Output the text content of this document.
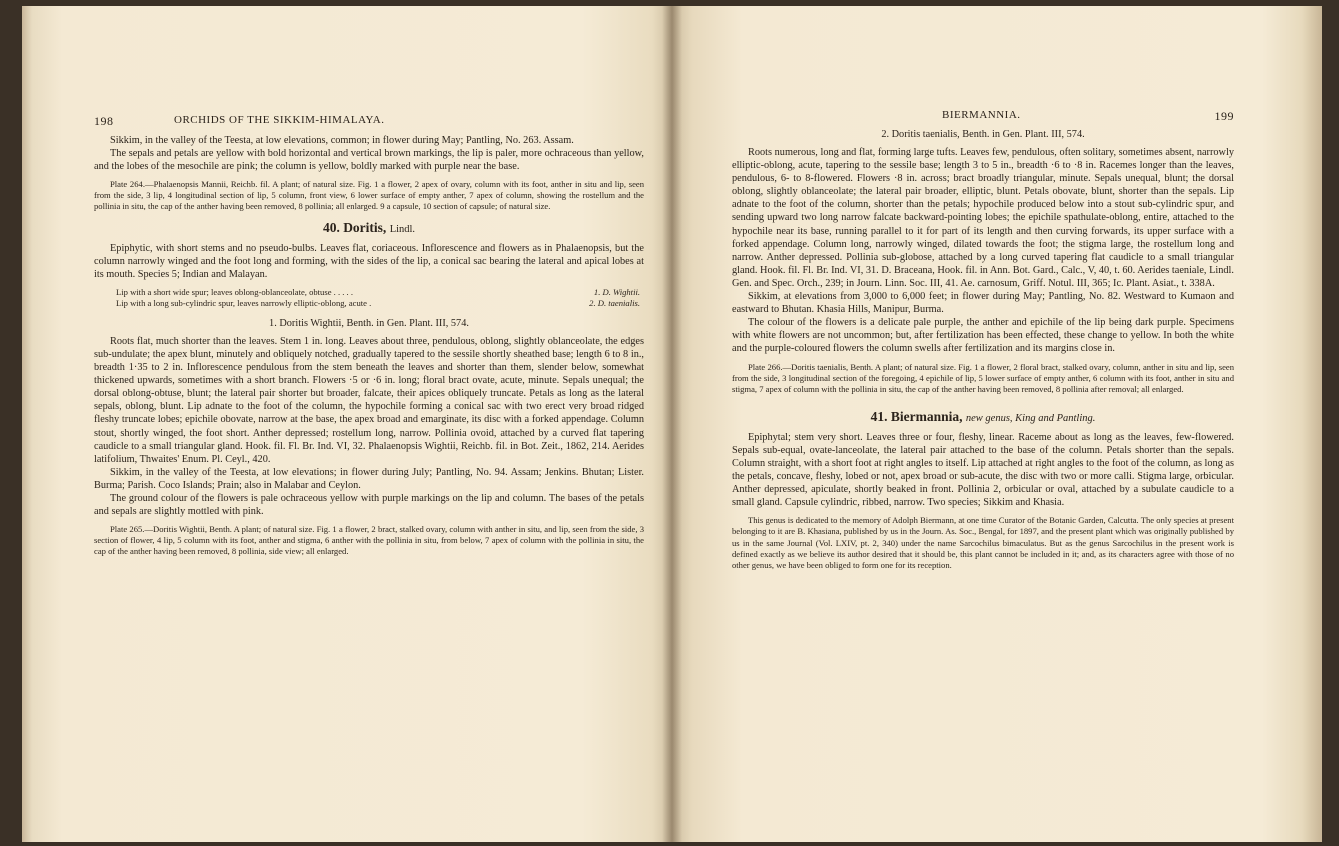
198	ORCHIDS OF THE SIKKIM-HIMALAYA.

Sikkim, in the valley of the Teesta, at low elevations, common; in flower during May; Pantling, No. 263. Assam.

The sepals and petals are yellow with bold horizontal and vertical brown markings, the lip is paler, more ochraceous than yellow, and the lobes of the mesochile are pink; the column is yellow, boldly marked with purple near the base.

Plate 264.—Phalaenopsis Mannii, Reichb. fil. A plant; of natural size. Fig. 1 a flower, 2 apex of ovary, column with its foot, anther in situ and lip, seen from the side, 3 lip, 4 longitudinal section of lip, 5 column, front view, 6 lower surface of empty anther, 7 apex of column, showing the rostellum and the pollinia in situ, the cap of the anther having been removed, 8 pollinia; all enlarged. 9 a capsule, 10 section of capsule; of natural size.

40. Doritis, Lindl.

Epiphytic, with short stems and no pseudo-bulbs. Leaves flat, coriaceous. Inflorescence and flowers as in Phalaenopsis, but the column narrowly winged and the foot long and forming, with the sides of the lip, a conical sac bearing the lateral and apical lobes at its mouth. Species 5; Indian and Malayan.

Lip with a short wide spur; leaves oblong-oblanceolate, obtuse . . . . .	1. D. Wightii.

Lip with a long sub-cylindric spur, leaves narrowly elliptic-oblong, acute .	2. D. taenialis.

1. Doritis Wightii, Benth. in Gen. Plant. III, 574.

Roots flat, much shorter than the leaves. Stem 1 in. long. Leaves about three, pendulous, oblong, slightly oblanceolate, the edges sub-undulate; the apex blunt, minutely and obliquely notched, gradually tapered to the sessile shortly sheathed base; length 6 to 8 in., breadth 1·35 to 2 in. Inflorescence pendulous from the stem beneath the leaves and shorter than them, slender below, somewhat thickened upwards, sometimes with a short branch. Flowers ·5 or ·6 in. long; floral bract ovate, acute, minute. Sepals unequal; the dorsal oblong-obtuse, blunt; the lateral pair shorter but broader, falcate, their apices obliquely truncate. Petals as long as the lateral sepals, oblong, blunt. Lip adnate to the foot of the column, the hypochile forming a conical sac with two erect very broad ridged fleshy truncate lobes; epichile obovate, narrow at the base, the apex broad and emarginate, its disc with a forked appendage. Column stout, shortly winged, the foot short. Anther depressed; rostellum long, narrow. Pollinia ovoid, attached by a curved flat tapering caudicle to a small triangular gland. Hook. fil. Fl. Br. Ind. VI, 32. Phalaenopsis Wightii, Reichb. fil. in Bot. Zeit., 1862, 214. Aerides latifolium, Thwaites' Enum. Pl. Ceyl., 420.

Sikkim, in the valley of the Teesta, at low elevations; in flower during July; Pantling, No. 94. Assam; Jenkins. Bhutan; Lister. Burma; Parish. Coco Islands; Prain; also in Malabar and Ceylon.

The ground colour of the flowers is pale ochraceous yellow with purple markings on the lip and column. The bases of the petals and sepals are slightly mottled with pink.

Plate 265.—Doritis Wightii, Benth. A plant; of natural size. Fig. 1 a flower, 2 bract, stalked ovary, column with anther in situ, and lip, seen from the side, 3 section of flower, 4 lip, 5 column with its foot, anther and stigma, 6 anther with the pollinia in situ, from below, 7 apex of column with the pollinia in situ, the cap of the anther having been removed, 8 pollinia, side view; all enlarged.

BIERMANNIA.	199
2. Doritis taenialis, Benth. in Gen. Plant. III, 574.

Roots numerous, long and flat, forming large tufts. Leaves few, pendulous, often solitary, sometimes absent, narrowly elliptic-oblong, acute, tapering to the sessile base; length 3 to 5 in., breadth ·6 to ·8 in. Racemes longer than the leaves, pendulous, 6- to 8-flowered. Flowers ·8 in. across; bract broadly triangular, minute. Sepals unequal, blunt; the dorsal oblong, slightly oblanceolate; the lateral pair broader, elliptic, blunt. Petals obovate, blunt, shorter than the sepals. Lip adnate to the foot of the column, shorter than the petals; hypochile produced below into a stout sub-cylindric spur, and sending upward two long narrow falcate backward-pointing lobes; the epichile spathulate-oblong, entire, attached to the hypochile near its base, running parallel to it for part of its length and then curving forwards, its upper surface with a forked appendage. Column long, narrowly winged, dilated towards the foot; the stigma large, the rostellum long and narrow. Anther depressed. Pollinia sub-globose, attached by a long curved tapering flat caudicle to a small triangular gland. Hook. fil. Fl. Br. Ind. VI, 31. D. Braceana, Hook. fil. in Ann. Bot. Gard., Calc., V, 40, t. 60. Aerides taeniale, Lindl. Gen. and Spec. Orch., 239; in Journ. Linn. Soc. III, 41. Ae. carnosum, Griff. Notul. III, 365; Ic. Plant. Asiat., t. 338A.

Sikkim, at elevations from 3,000 to 6,000 feet; in flower during May; Pantling, No. 82. Westward to Kumaon and eastward to Bhutan. Khasia Hills, Manipur, Burma.

The colour of the flowers is a delicate pale purple, the anther and epichile of the lip being dark purple. Specimens with white flowers are not uncommon; but, after fertilization has been effected, these change to yellow. In both the white and the purple-coloured flowers the column swells after fertilization and its margins close in.

Plate 266.—Doritis taenialis, Benth. A plant; of natural size. Fig. 1 a flower, 2 floral bract, stalked ovary, column, anther in situ and lip, seen from the side, 3 longitudinal section of the foregoing, 4 epichile of lip, 5 lower surface of empty anther, 6 column with its foot, anther in situ and stigma, 7 apex of column with the pollinia in situ, the cap of the anther having been removed, 8 pollinia after removal; all enlarged.

41. Biermannia, new genus, King and Pantling.

Epiphytal; stem very short. Leaves three or four, fleshy, linear. Raceme about as long as the leaves, few-flowered. Sepals sub-equal, ovate-lanceolate, the lateral pair attached to the base of the column. Petals shorter than the sepals. Column straight, with a short foot at right angles to itself. Lip attached at right angles to the foot of the column, as long as the petals, concave, fleshy, lobed or not, apex broad or sub-acute, the disc with two or more calli. Stigma large, orbicular. Anther depressed, apiculate, shortly beaked in front. Pollinia 2, orbicular or oval, attached by a subulate caudicle to a small gland. Capsule cylindric, ribbed, narrow. Two species; Sikkim and Khasia.

This genus is dedicated to the memory of Adolph Biermann, at one time Curator of the Botanic Garden, Calcutta. The only species at present belonging to it are B. Khasiana, published by us in the Journ. As. Soc., Bengal, for 1897, and the present plant which was originally published by us in the same Journal (Vol. LXIV, pt. 2, 340) under the name Sarcochilus bimaculatus. But as the genus Sarcochilus in the present work is defined exactly as we believe its author desired that it should be, this plant cannot be included in it; and, as its characters agree with those of no other genus, we have been obliged to form one for its reception.
